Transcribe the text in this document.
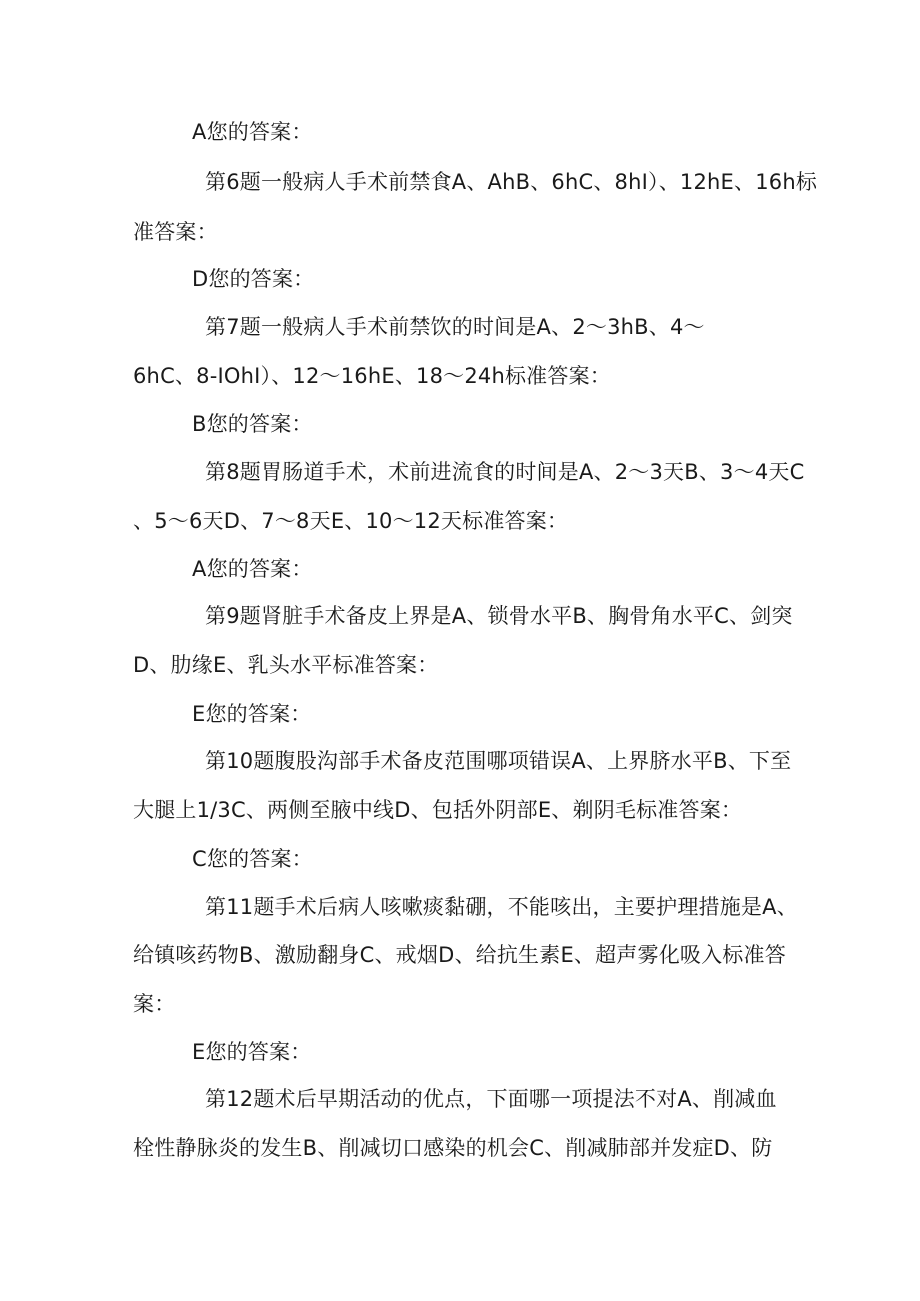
A您的答案：
第6题一般病人手术前禁食A、AhB、6hC、8hI）、12hE、16h标
准答案：
D您的答案：
第7题一般病人手术前禁饮的时间是A、2〜3hB、4〜
6hC、8-IOhI）、12〜16hE、18〜24h标准答案：
B您的答案：
第8题胃肠道手术，术前进流食的时间是A、2〜3天B、3〜4天C
、5〜6天D、7〜8天E、10〜12天标准答案：
A您的答案：
第9题肾脏手术备皮上界是A、锁骨水平B、胸骨角水平C、剑突
D、肋缘E、乳头水平标准答案：
E您的答案：
第10题腹股沟部手术备皮范围哪项错误A、上界脐水平B、下至
大腿上1/3C、两侧至腋中线D、包括外阴部E、剃阴毛标准答案：
C您的答案：
第11题手术后病人咳嗽痰黏硼，不能咳出，主要护理措施是A、
给镇咳药物B、激励翻身C、戒烟D、给抗生素E、超声雾化吸入标准答
案：
E您的答案：
第12题术后早期活动的优点，下面哪一项提法不对A、削减血
栓性静脉炎的发生B、削减切口感染的机会C、削减肺部并发症D、防
